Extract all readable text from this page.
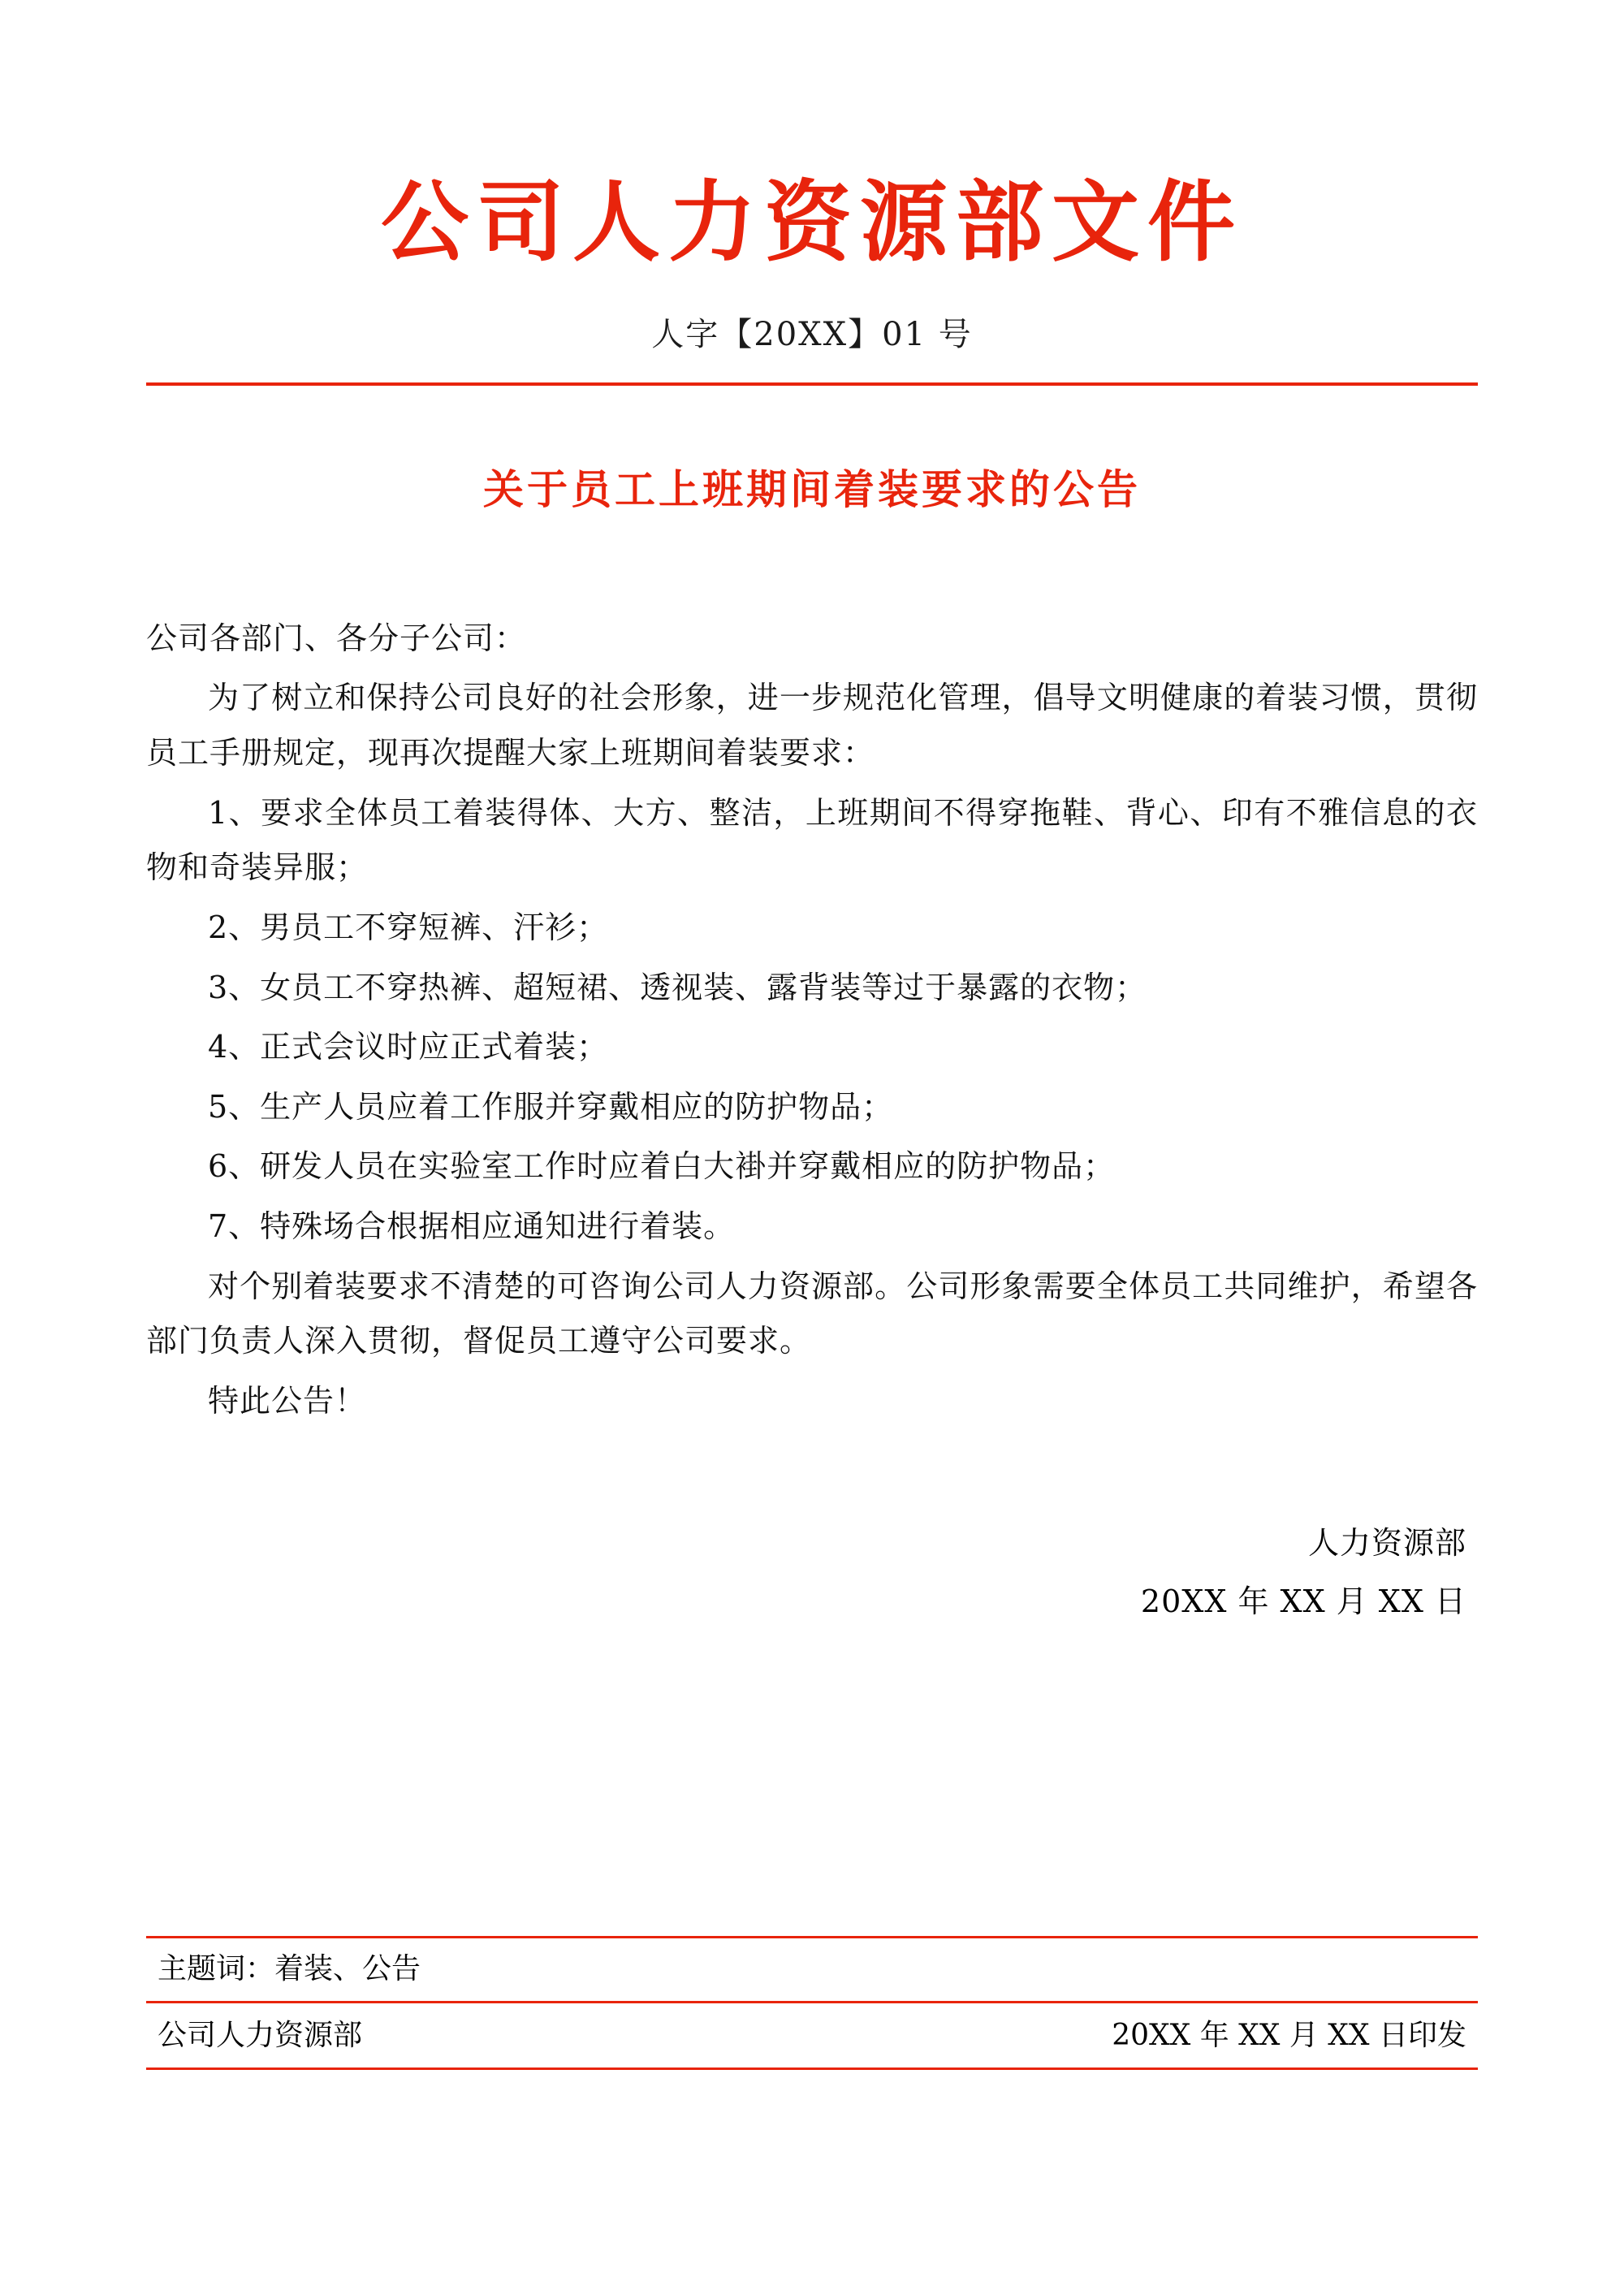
公司人力资源部文件
人字【20XX】01 号
关于员工上班期间着装要求的公告

公司各部门、各分子公司：

为了树立和保持公司良好的社会形象，进一步规范化管理，倡导文明健康的着装习惯，贯彻员工手册规定，现再次提醒大家上班期间着装要求：

1、要求全体员工着装得体、大方、整洁，上班期间不得穿拖鞋、背心、印有不雅信息的衣物和奇装异服；

2、男员工不穿短裤、汗衫；

3、女员工不穿热裤、超短裙、透视装、露背装等过于暴露的衣物；

4、正式会议时应正式着装；

5、生产人员应着工作服并穿戴相应的防护物品；

6、研发人员在实验室工作时应着白大褂并穿戴相应的防护物品；

7、特殊场合根据相应通知进行着装。

对个别着装要求不清楚的可咨询公司人力资源部。公司形象需要全体员工共同维护，希望各部门负责人深入贯彻，督促员工遵守公司要求。

特此公告！

人力资源部
20XX 年 XX 月 XX 日
主题词：着装、公告
公司人力资源部	20XX 年 XX 月 XX 日印发
